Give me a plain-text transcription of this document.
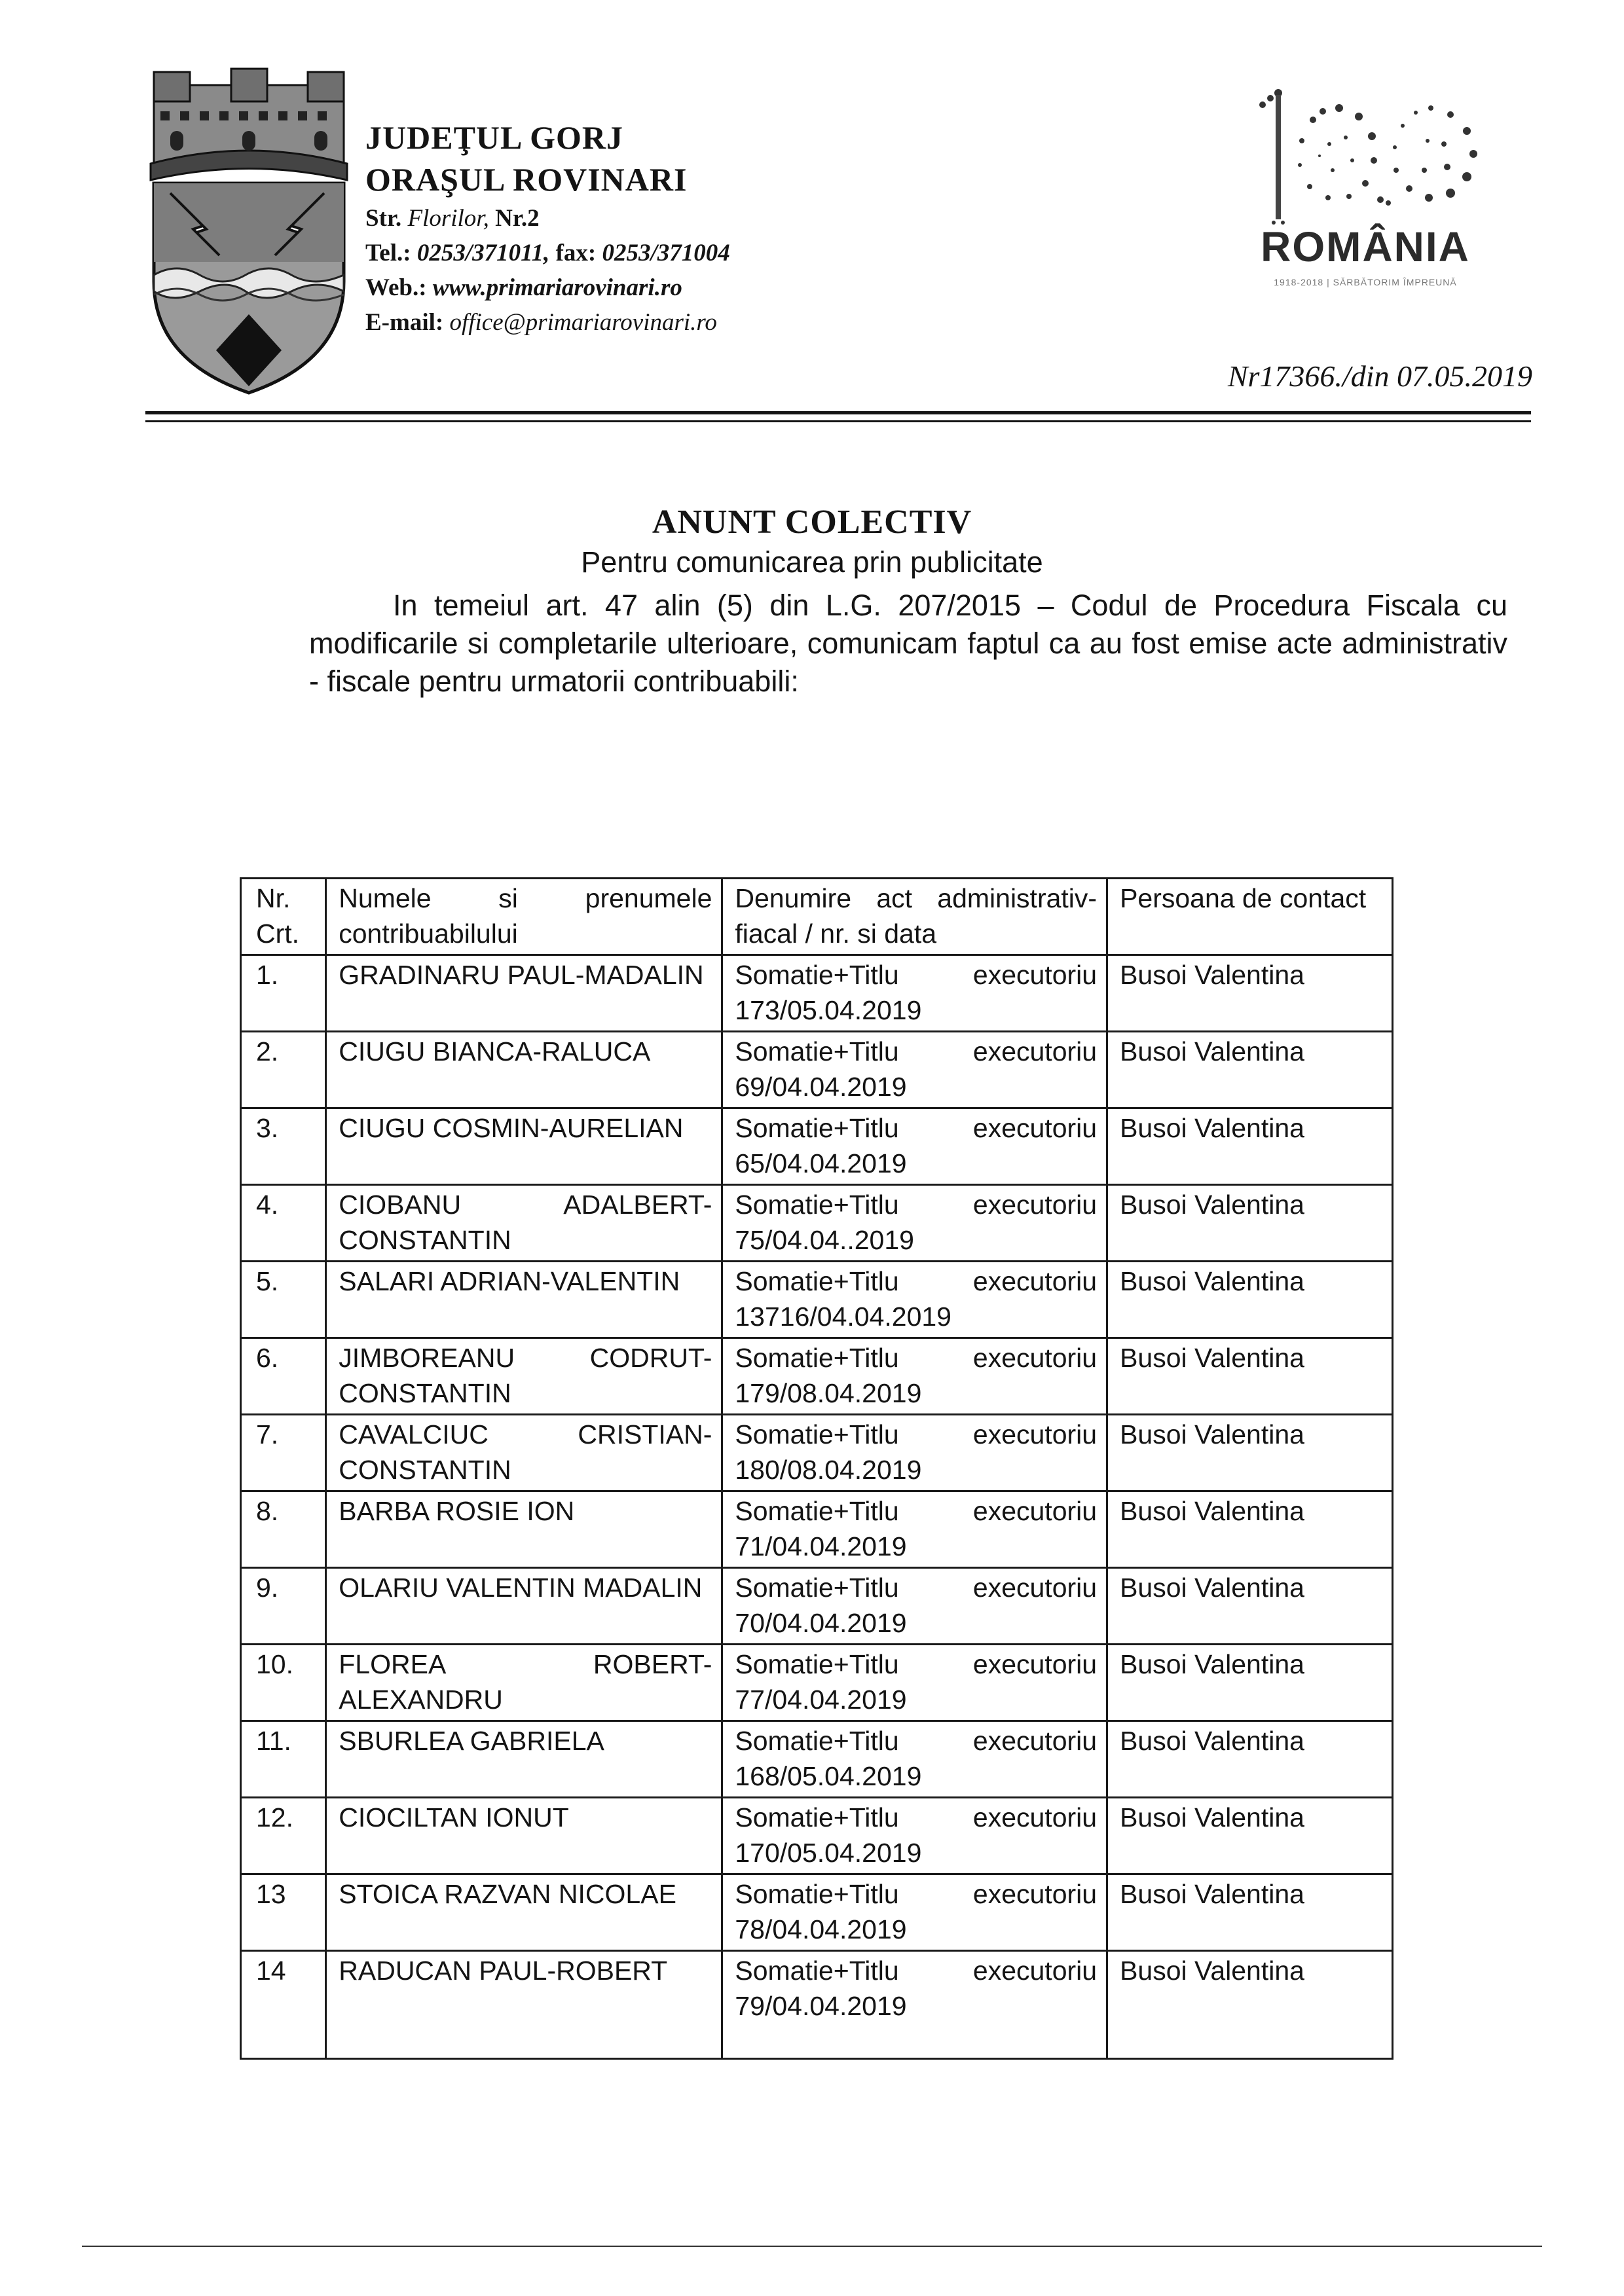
JUDEŢUL GORJ
ORAŞUL ROVINARI
Str. Florilor, Nr.2
Tel.: 0253/371011, fax: 0253/371004
Web.: www.primariarovinari.ro
E-mail: office@primariarovinari.ro
ROMÂNIA
1918-2018 | SĂRBĂTORIM ÎMPREUNĂ
Nr17366./din 07.05.2019
ANUNT COLECTIV
Pentru comunicarea prin publicitate

In temeiul art. 47 alin (5) din L.G. 207/2015 – Codul de Procedura Fiscala cu modificarile si completarile ulterioare, comunicam faptul ca au fost emise acte administrativ - fiscale pentru urmatorii contribuabili:

Nr. Crt.	Numele si prenumele contribuabilului	Denumire act administrativ-fiacal / nr. si data	Persoana de contact
1.	GRADINARU PAUL-MADALIN	Somatie+Titlu executoriu 173/05.04.2019	Busoi Valentina
2.	CIUGU BIANCA-RALUCA	Somatie+Titlu executoriu 69/04.04.2019	Busoi Valentina
3.	CIUGU COSMIN-AURELIAN	Somatie+Titlu executoriu 65/04.04.2019	Busoi Valentina
4.	CIOBANU ADALBERT-CONSTANTIN	Somatie+Titlu executoriu 75/04.04..2019	Busoi Valentina
5.	SALARI ADRIAN-VALENTIN	Somatie+Titlu executoriu 13716/04.04.2019	Busoi Valentina
6.	JIMBOREANU CODRUT-CONSTANTIN	Somatie+Titlu executoriu 179/08.04.2019	Busoi Valentina
7.	CAVALCIUC CRISTIAN-CONSTANTIN	Somatie+Titlu executoriu 180/08.04.2019	Busoi Valentina
8.	BARBA ROSIE ION	Somatie+Titlu executoriu 71/04.04.2019	Busoi Valentina
9.	OLARIU VALENTIN MADALIN	Somatie+Titlu executoriu 70/04.04.2019	Busoi Valentina
10.	FLOREA ROBERT-ALEXANDRU	Somatie+Titlu executoriu 77/04.04.2019	Busoi Valentina
11.	SBURLEA GABRIELA	Somatie+Titlu executoriu 168/05.04.2019	Busoi Valentina
12.	CIOCILTAN IONUT	Somatie+Titlu executoriu 170/05.04.2019	Busoi Valentina
13	STOICA RAZVAN NICOLAE	Somatie+Titlu executoriu 78/04.04.2019	Busoi Valentina
14	RADUCAN PAUL-ROBERT	Somatie+Titlu executoriu 79/04.04.2019	Busoi Valentina
